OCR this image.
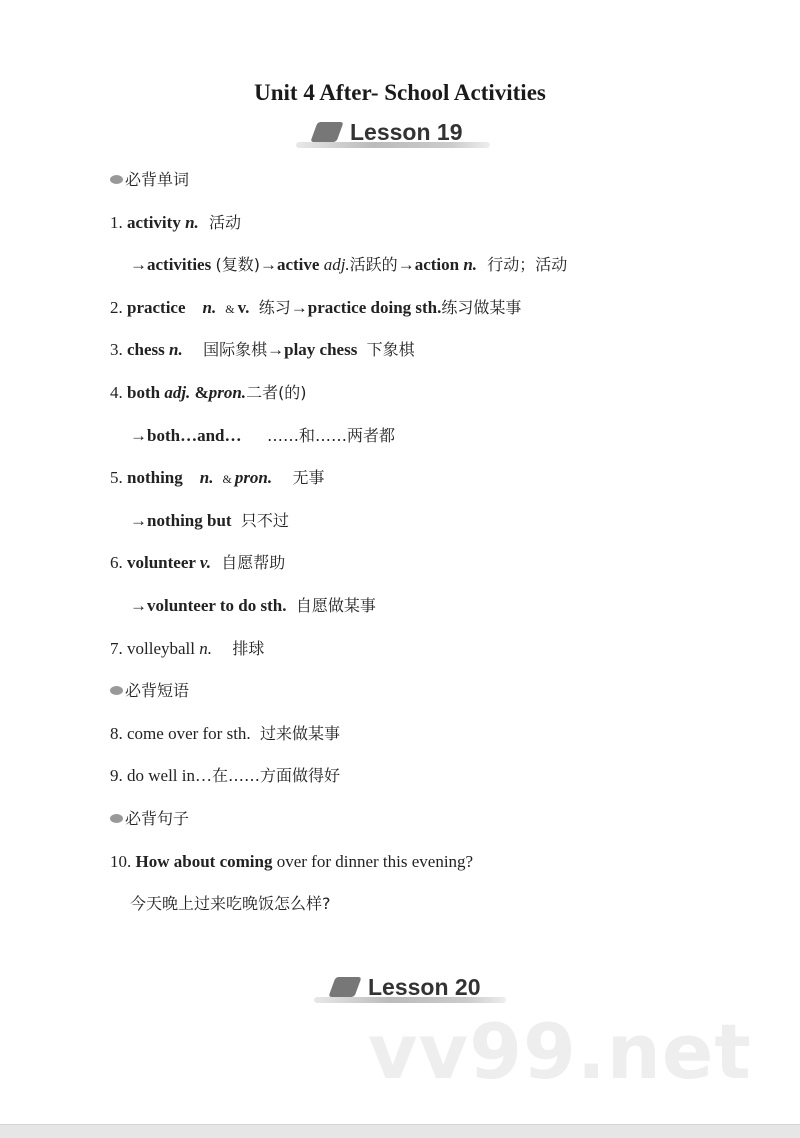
Unit 4 After- School Activities
Lesson 19
必背单词
1. activity n.  活动
→activities (复数)→active adj.活跃的→action n.  行动；活动
2. practice    n.   & v.  练习→practice doing sth.练习做某事
3. chess n.    国际象棋→play chess  下象棋
4. both adj. &pron.二者(的)
→both…and…      ……和……两者都
5. nothing    n.   & pron.    无事
→nothing but  只不过
6. volunteer v.  自愿帮助
→volunteer to do sth.  自愿做某事
7. volleyball n.    排球
必背短语
8. come over for sth.  过来做某事
9. do well in…在……方面做得好
必背句子
10. How about coming over for dinner this evening?
今天晚上过来吃晚饭怎么样?
Lesson 20
vv99.net
